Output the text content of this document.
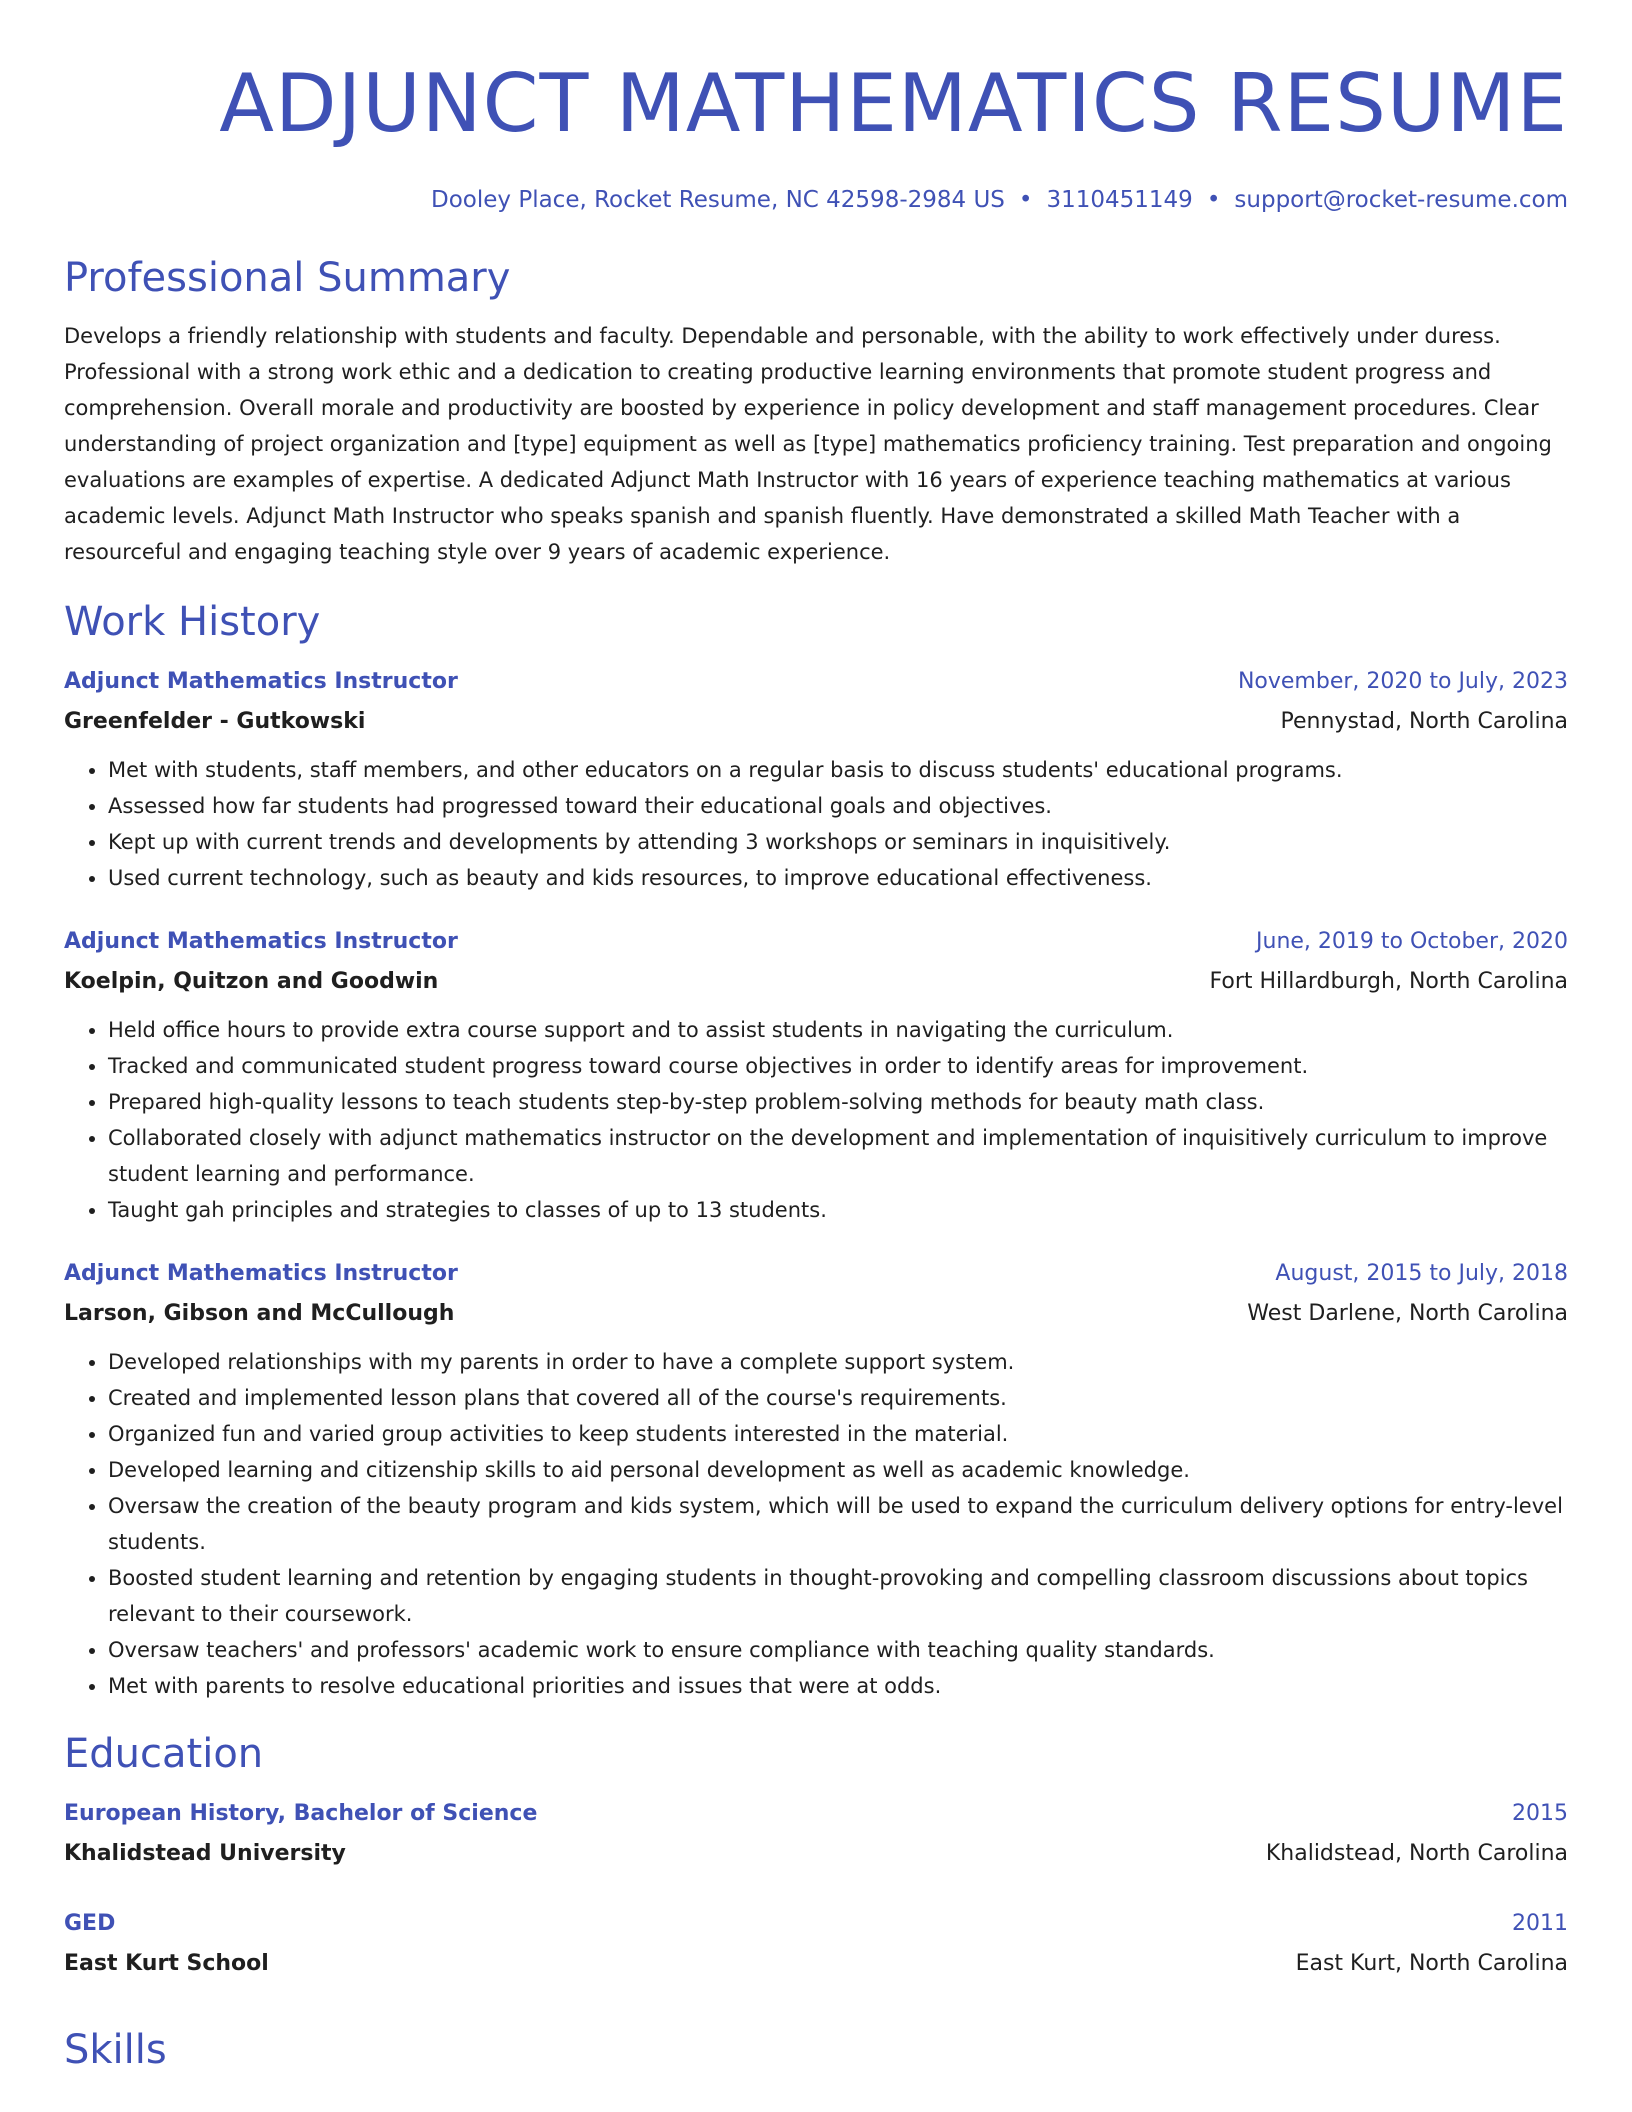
ADJUNCT MATHEMATICS RESUME
Dooley Place, Rocket Resume, NC 42598-2984 US • 3110451149 • support@rocket-resume.com
Professional Summary

Develops a friendly relationship with students and faculty. Dependable and personable, with the ability to work effectively under duress. Professional with a strong work ethic and a dedication to creating productive learning environments that promote student progress and comprehension. Overall morale and productivity are boosted by experience in policy development and staff management procedures. Clear understanding of project organization and [type] equipment as well as [type] mathematics proficiency training. Test preparation and ongoing evaluations are examples of expertise. A dedicated Adjunct Math Instructor with 16 years of experience teaching mathematics at various academic levels. Adjunct Math Instructor who speaks spanish and spanish fluently. Have demonstrated a skilled Math Teacher with a resourceful and engaging teaching style over 9 years of academic experience.

Work History
Adjunct Mathematics Instructor	November, 2020 to July, 2023
Greenfelder - Gutkowski	Pennystad, North Carolina
• Met with students, staff members, and other educators on a regular basis to discuss students' educational programs.
• Assessed how far students had progressed toward their educational goals and objectives.
• Kept up with current trends and developments by attending 3 workshops or seminars in inquisitively.
• Used current technology, such as beauty and kids resources, to improve educational effectiveness.
Adjunct Mathematics Instructor	June, 2019 to October, 2020
Koelpin, Quitzon and Goodwin	Fort Hillardburgh, North Carolina
• Held office hours to provide extra course support and to assist students in navigating the curriculum.
• Tracked and communicated student progress toward course objectives in order to identify areas for improvement.
• Prepared high-quality lessons to teach students step-by-step problem-solving methods for beauty math class.
• Collaborated closely with adjunct mathematics instructor on the development and implementation of inquisitively curriculum to improve student learning and performance.
• Taught gah principles and strategies to classes of up to 13 students.
Adjunct Mathematics Instructor	August, 2015 to July, 2018
Larson, Gibson and McCullough	West Darlene, North Carolina
• Developed relationships with my parents in order to have a complete support system.
• Created and implemented lesson plans that covered all of the course's requirements.
• Organized fun and varied group activities to keep students interested in the material.
• Developed learning and citizenship skills to aid personal development as well as academic knowledge.
• Oversaw the creation of the beauty program and kids system, which will be used to expand the curriculum delivery options for entry-level students.
• Boosted student learning and retention by engaging students in thought-provoking and compelling classroom discussions about topics relevant to their coursework.
• Oversaw teachers' and professors' academic work to ensure compliance with teaching quality standards.
• Met with parents to resolve educational priorities and issues that were at odds.
Education
European History, Bachelor of Science	2015
Khalidstead University	Khalidstead, North Carolina
GED	2011
East Kurt School	East Kurt, North Carolina
Skills
